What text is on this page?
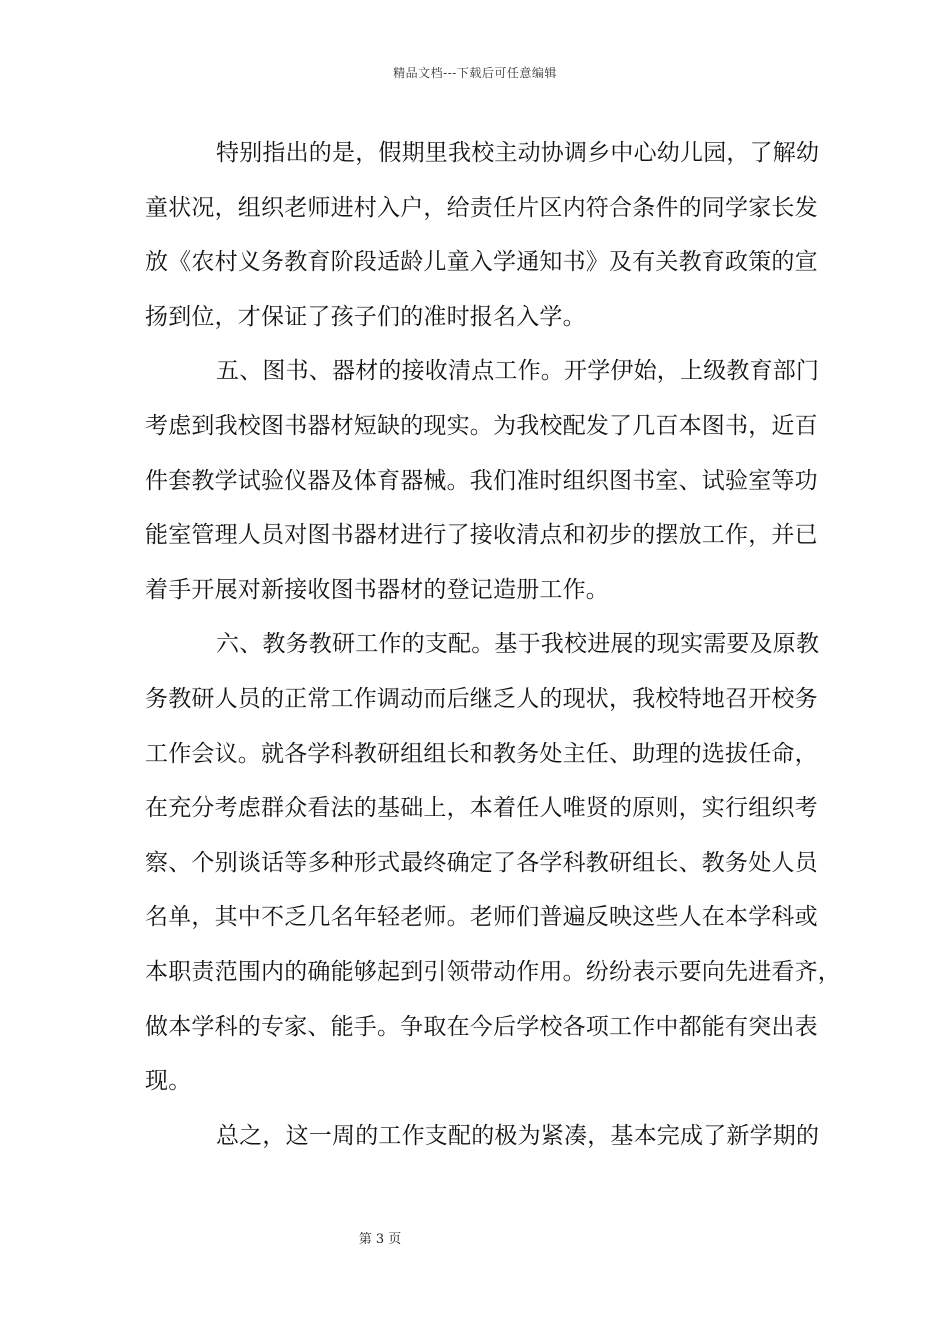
精品文档---下载后可任意编辑
特别指出的是，假期里我校主动协调乡中心幼儿园，了解幼
童状况，组织老师进村入户，给责任片区内符合条件的同学家长发
放《农村义务教育阶段适龄儿童入学通知书》及有关教育政策的宣
扬到位，才保证了孩子们的准时报名入学。
五、图书、器材的接收清点工作。开学伊始，上级教育部门
考虑到我校图书器材短缺的现实。为我校配发了几百本图书，近百
件套教学试验仪器及体育器械。我们准时组织图书室、试验室等功
能室管理人员对图书器材进行了接收清点和初步的摆放工作，并已
着手开展对新接收图书器材的登记造册工作。
六、教务教研工作的支配。基于我校进展的现实需要及原教
务教研人员的正常工作调动而后继乏人的现状，我校特地召开校务
工作会议。就各学科教研组组长和教务处主任、助理的选拔任命，
在充分考虑群众看法的基础上，本着任人唯贤的原则，实行组织考
察、个别谈话等多种形式最终确定了各学科教研组长、教务处人员
名单，其中不乏几名年轻老师。老师们普遍反映这些人在本学科或
本职责范围内的确能够起到引领带动作用。纷纷表示要向先进看齐，
做本学科的专家、能手。争取在今后学校各项工作中都能有突出表
现。
总之，这一周的工作支配的极为紧凑，基本完成了新学期的
第 3 页
